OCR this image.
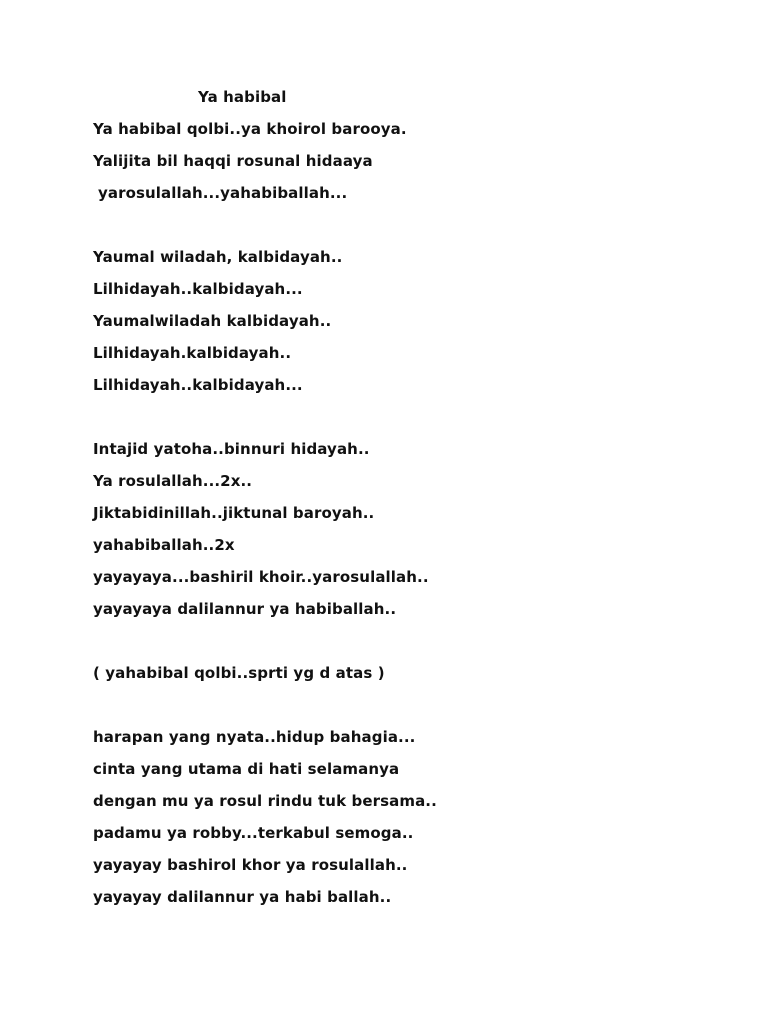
Ya habibal

Ya habibal qolbi..ya khoirol barooya.

Yalijita bil haqqi rosunal hidaaya

yarosulallah...yahabiballah...

Yaumal wiladah, kalbidayah..

Lilhidayah..kalbidayah...

Yaumalwiladah kalbidayah..

Lilhidayah.kalbidayah..

Lilhidayah..kalbidayah...

Intajid yatoha..binnuri hidayah..

Ya rosulallah...2x..

Jiktabidinillah..jiktunal baroyah..

yahabiballah..2x

yayayaya...bashiril khoir..yarosulallah..

yayayaya dalilannur ya habiballah..

( yahabibal qolbi..sprti yg d atas )

harapan yang nyata..hidup bahagia...

cinta yang utama di hati selamanya

dengan mu ya rosul rindu tuk bersama..

padamu ya robby...terkabul semoga..

yayayay bashirol khor ya rosulallah..

yayayay dalilannur ya habi ballah..
